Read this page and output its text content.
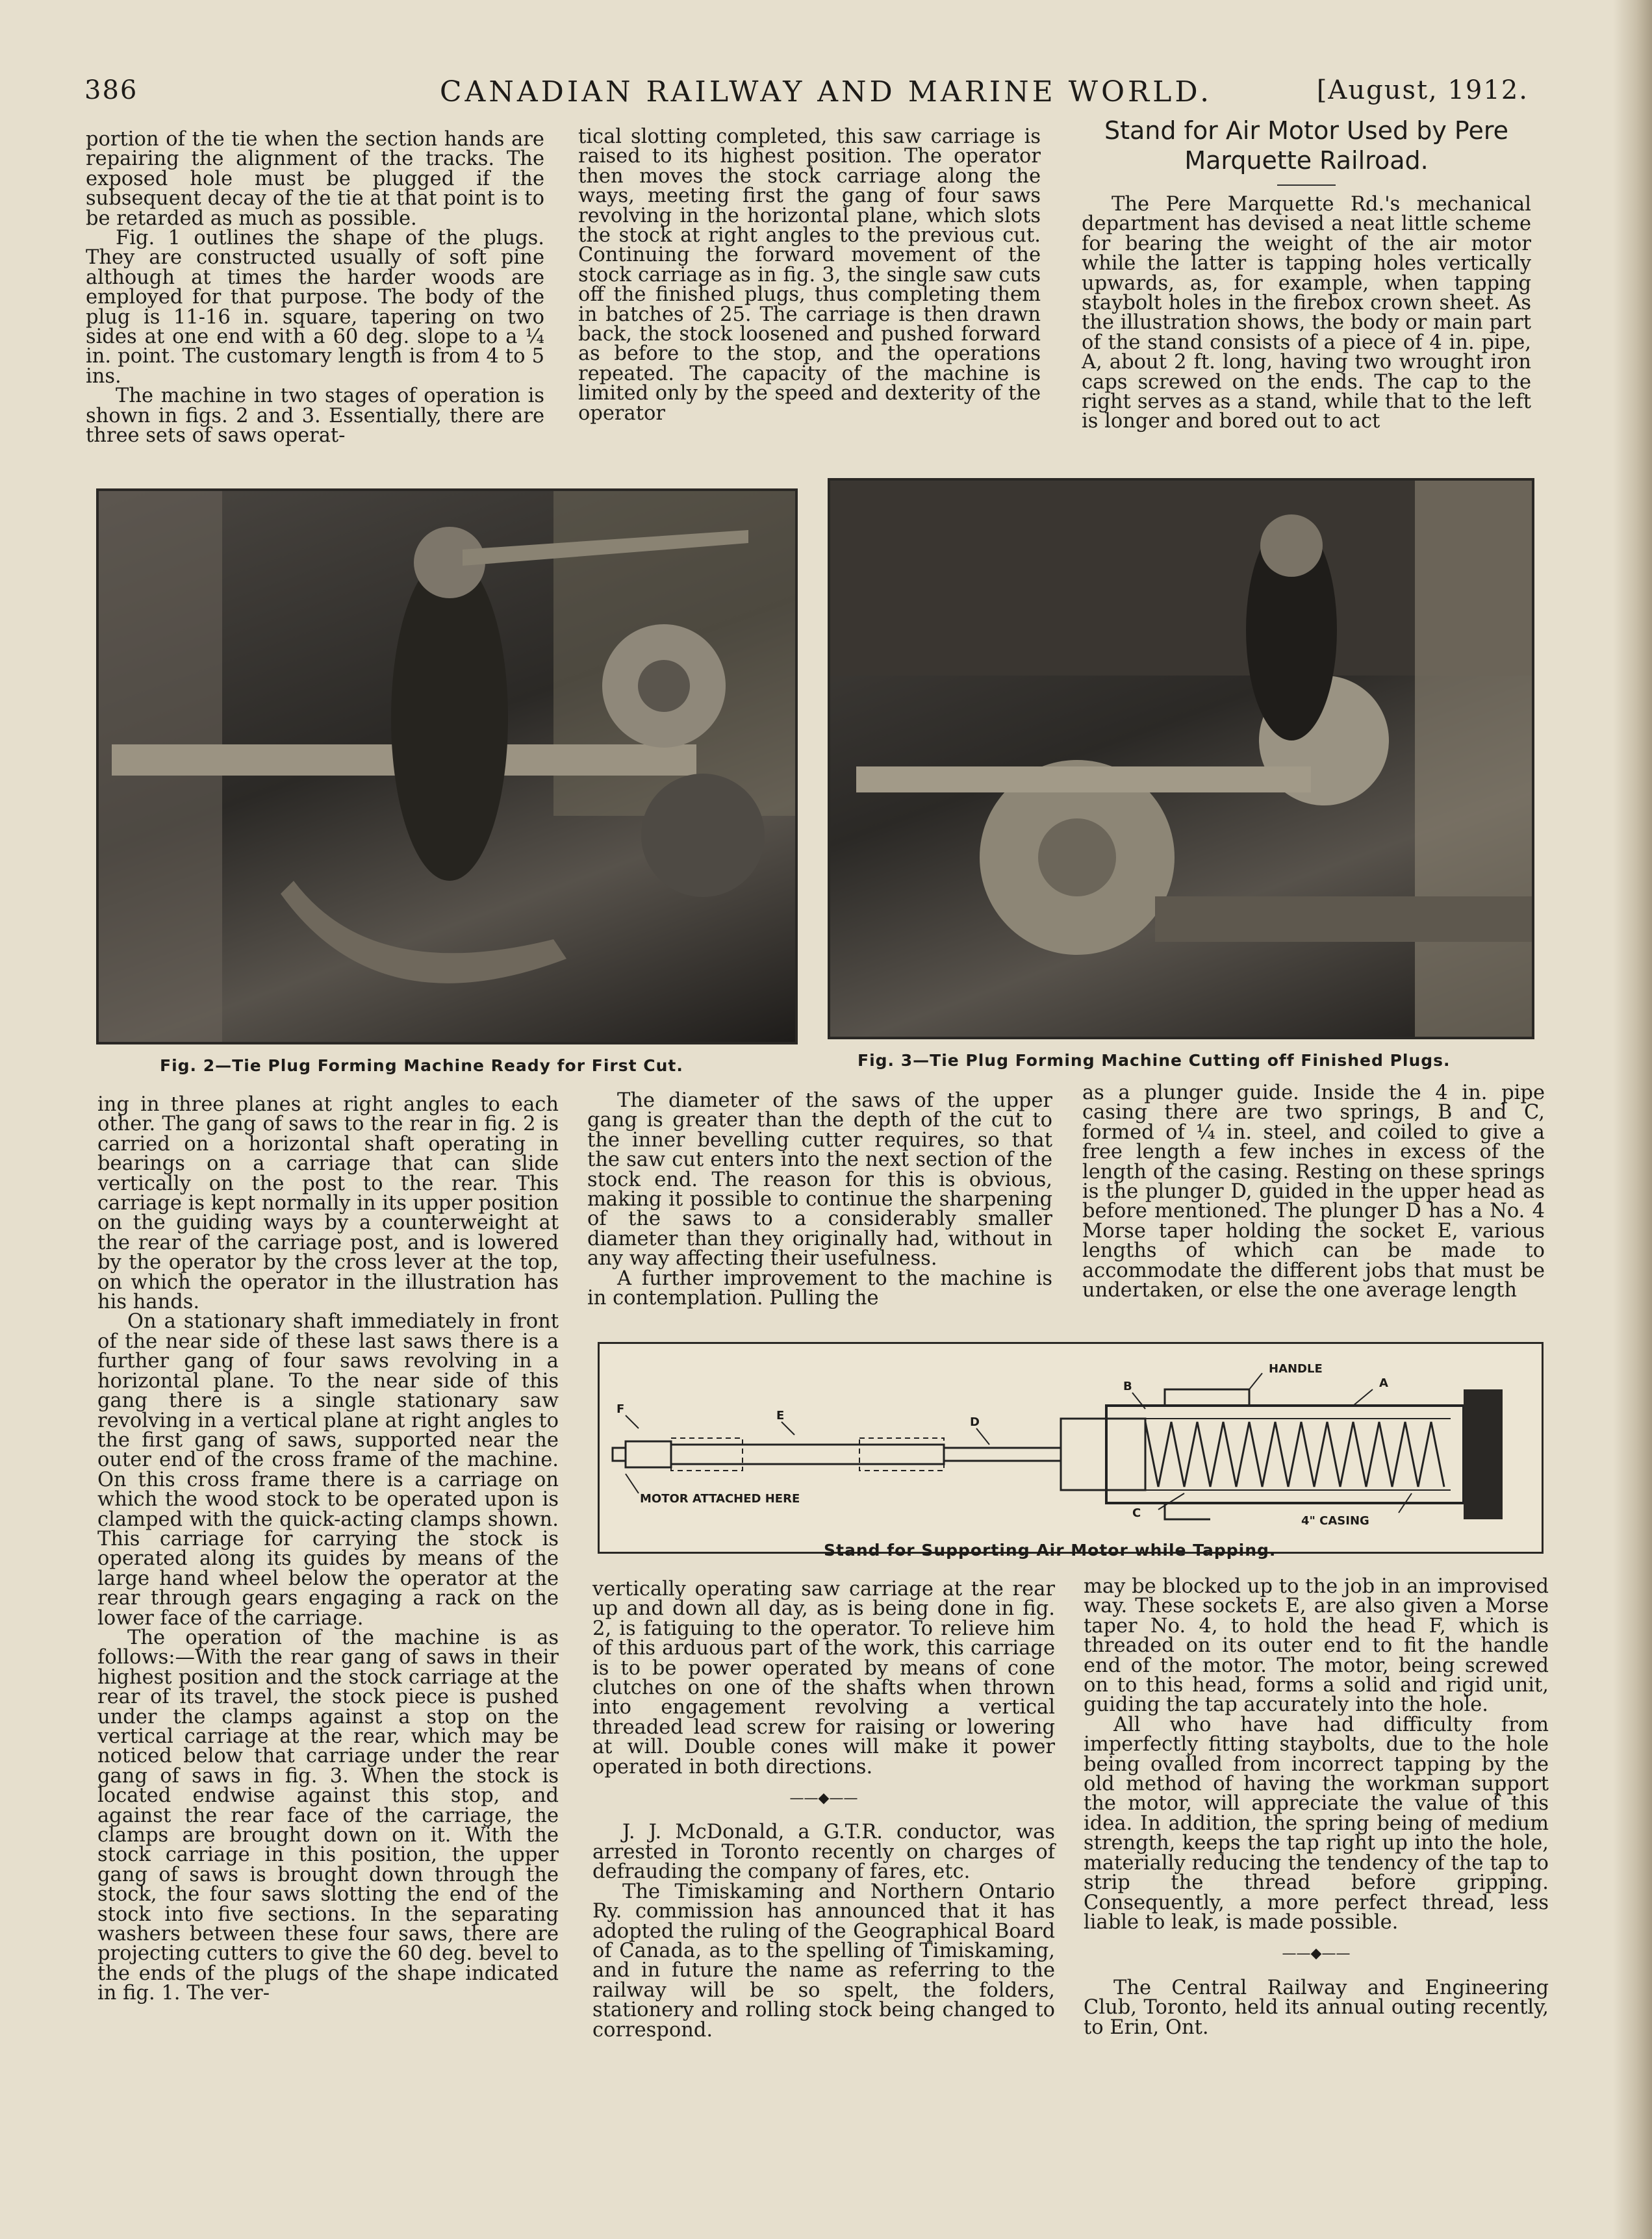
386	CANADIAN RAILWAY AND MARINE WORLD.	[August, 1912.

portion of the tie when the section hands are repairing the alignment of the tracks. The exposed hole must be plugged if the subsequent decay of the tie at that point is to be retarded as much as possible.

Fig. 1 outlines the shape of the plugs. They are constructed usually of soft pine although at times the harder woods are employed for that purpose. The body of the plug is 11-16 in. square, tapering on two sides at one end with a 60 deg. slope to a ¼ in. point. The customary length is from 4 to 5 ins.

The machine in two stages of operation is shown in figs. 2 and 3. Essentially, there are three sets of saws operat-

tical slotting completed, this saw carriage is raised to its highest position. The operator then moves the stock carriage along the ways, meeting first the gang of four saws revolving in the horizontal plane, which slots the stock at right angles to the previous cut. Continuing the forward movement of the stock carriage as in fig. 3, the single saw cuts off the finished plugs, thus completing them in batches of 25. The carriage is then drawn back, the stock loosened and pushed forward as before to the stop, and the operations repeated. The capacity of the machine is limited only by the speed and dexterity of the operator

Stand for Air Motor Used by Pere Marquette Railroad.

The Pere Marquette Rd.'s mechanical department has devised a neat little scheme for bearing the weight of the air motor while the latter is tapping holes vertically upwards, as, for example, when tapping staybolt holes in the firebox crown sheet. As the illustration shows, the body or main part of the stand consists of a piece of 4 in. pipe, A, about 2 ft. long, having two wrought iron caps screwed on the ends. The cap to the right serves as a stand, while that to the left is longer and bored out to act

Fig. 2—Tie Plug Forming Machine Ready for First Cut.	Fig. 3—Tie Plug Forming Machine Cutting off Finished Plugs.

ing in three planes at right angles to each other. The gang of saws to the rear in fig. 2 is carried on a horizontal shaft operating in bearings on a carriage that can slide vertically on the post to the rear. This carriage is kept normally in its upper position on the guiding ways by a counterweight at the rear of the carriage post, and is lowered by the operator by the cross lever at the top, on which the operator in the illustration has his hands.

On a stationary shaft immediately in front of the near side of these last saws there is a further gang of four saws revolving in a horizontal plane. To the near side of this gang there is a single stationary saw revolving in a vertical plane at right angles to the first gang of saws, supported near the outer end of the cross frame of the machine. On this cross frame there is a carriage on which the wood stock to be operated upon is clamped with the quick-acting clamps shown. This carriage for carrying the stock is operated along its guides by means of the large hand wheel below the operator at the rear through gears engaging a rack on the lower face of the carriage.

The operation of the machine is as follows:—With the rear gang of saws in their highest position and the stock carriage at the rear of its travel, the stock piece is pushed under the clamps against a stop on the vertical carriage at the rear, which may be noticed below that carriage under the rear gang of saws in fig. 3. When the stock is located endwise against this stop, and against the rear face of the carriage, the clamps are brought down on it. With the stock carriage in this position, the upper gang of saws is brought down through the stock, the four saws slotting the end of the stock into five sections. In the separating washers between these four saws, there are projecting cutters to give the 60 deg. bevel to the ends of the plugs of the shape indicated in fig. 1. The ver-

The diameter of the saws of the upper gang is greater than the depth of the cut to the inner bevelling cutter requires, so that the saw cut enters into the next section of the stock end. The reason for this is obvious, making it possible to continue the sharpening of the saws to a considerably smaller diameter than they originally had, without in any way affecting their usefulness.

A further improvement to the machine is in contemplation. Pulling the

as a plunger guide. Inside the 4 in. pipe casing there are two springs, B and C, formed of ¼ in. steel, and coiled to give a free length a few inches in excess of the length of the casing. Resting on these springs is the plunger D, guided in the upper head as before mentioned. The plunger D has a No. 4 Morse taper holding the socket E, various lengths of which can be made to accommodate the different jobs that must be undertaken, or else the one average length

HANDLE
A
B
C
D
E
F
MOTOR ATTACHED HERE
4" CASING
Stand for Supporting Air Motor while Tapping.

vertically operating saw carriage at the rear up and down all day, as is being done in fig. 2, is fatiguing to the operator. To relieve him of this arduous part of the work, this carriage is to be power operated by means of cone clutches on one of the shafts when thrown into engagement revolving a vertical threaded lead screw for raising or lowering at will. Double cones will make it power operated in both directions.

——◆——

J. J. McDonald, a G.T.R. conductor, was arrested in Toronto recently on charges of defrauding the company of fares, etc.

The Timiskaming and Northern Ontario Ry. commission has announced that it has adopted the ruling of the Geographical Board of Canada, as to the spelling of Timiskaming, and in future the name as referring to the railway will be so spelt, the folders, stationery and rolling stock being changed to correspond.

may be blocked up to the job in an improvised way. These sockets E, are also given a Morse taper No. 4, to hold the head F, which is threaded on its outer end to fit the handle end of the motor. The motor, being screwed on to this head, forms a solid and rigid unit, guiding the tap accurately into the hole.

All who have had difficulty from imperfectly fitting staybolts, due to the hole being ovalled from incorrect tapping by the old method of having the workman support the motor, will appreciate the value of this idea. In addition, the spring being of medium strength, keeps the tap right up into the hole, materially reducing the tendency of the tap to strip the thread before gripping. Consequently, a more perfect thread, less liable to leak, is made possible.

——◆——

The Central Railway and Engineering Club, Toronto, held its annual outing recently, to Erin, Ont.
